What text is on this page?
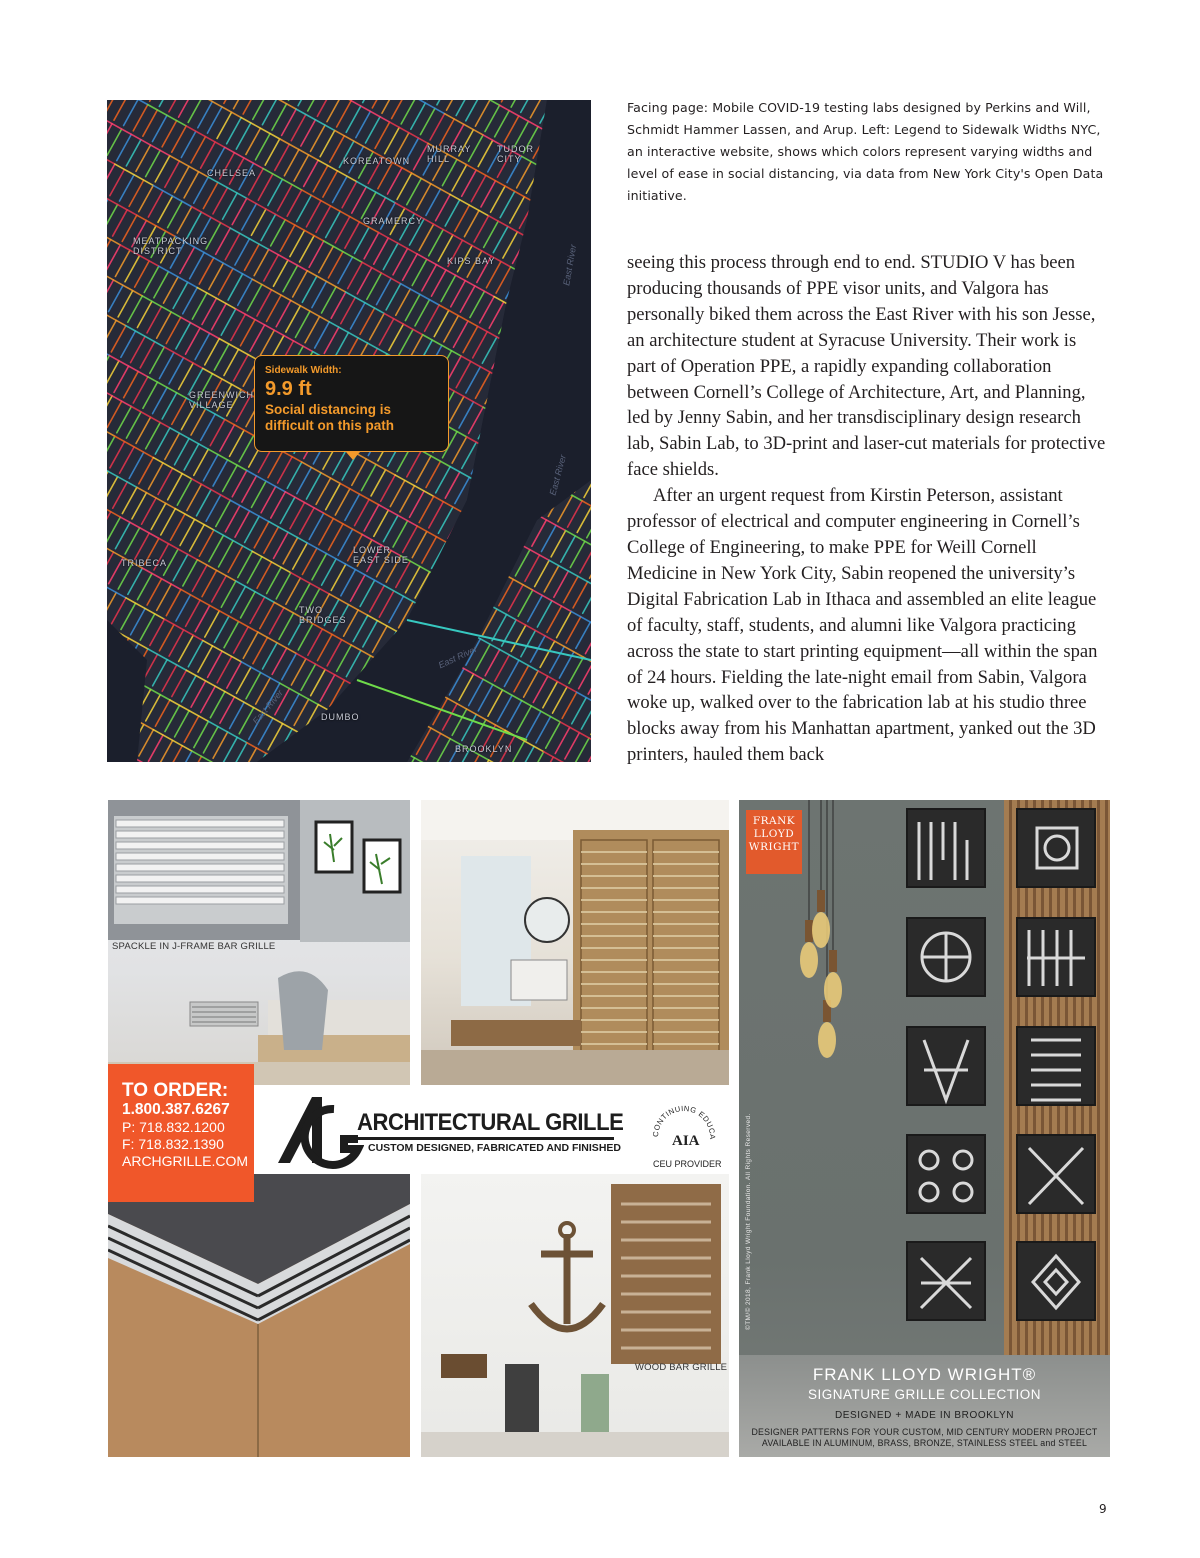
CHELSEA
KOREATOWN
MURRAY HILL
TUDOR CITY
MEATPACKING DISTRICT
GRAMERCY
KIPS BAY
GREENWICH VILLAGE
TRIBECA
LOWER EAST SIDE
TWO BRIDGES
DUMBO
BROOKLYN
East River
East River
East River
East River
Sidewalk Width:
9.9 ft
Social distancing is difficult on this path
Facing page: Mobile COVID-19 testing labs designed by Perkins and Will, Schmidt Hammer Lassen, and Arup. Left: Legend to Sidewalk Widths NYC, an interactive website, shows which colors represent varying widths and level of ease in social distancing, via data from New York City's Open Data initiative.

seeing this process through end to end. STUDIO V has been producing thousands of PPE visor units, and Valgora has personally biked them across the East River with his son Jesse, an architecture student at Syracuse University. Their work is part of Operation PPE, a rapidly expanding collaboration between Cornell’s College of Architecture, Art, and Planning, led by Jenny Sabin, and her transdisciplinary design research lab, Sabin Lab, to 3D-print and laser-cut materials for protective face shields.

After an urgent request from Kirstin Peterson, assistant professor of electrical and computer engineering in Cornell’s College of Engineering, to make PPE for Weill Cornell Medicine in New York City, Sabin reopened the university’s Digital Fabrication Lab in Ithaca and assembled an elite league of faculty, staff, students, and alumni like Valgora practicing across the state to start printing equipment—all within the span of 24 hours. Fielding the late-night email from Sabin, Valgora woke up, walked over to the fabrication lab at his studio three blocks away from his Manhattan apartment, yanked out the 3D printers, hauled them back

SPACKLE IN J-FRAME BAR GRILLE
WOOD BAR GRILLE
TO ORDER:
1.800.387.6267
P: 718.832.1200
F: 718.832.1390
ARCHGRILLE.COM
ARCHITECTURAL GRILLE
CUSTOM DESIGNED, FABRICATED AND FINISHED
CONTINUING EDUCA
AIA
CEU PROVIDER
FRANK
LLOYD
WRIGHT
©TM/© 2018, Frank Lloyd Wright Foundation. All Rights Reserved.
FRANK LLOYD WRIGHT®
SIGNATURE GRILLE COLLECTION
DESIGNED + MADE IN BROOKLYN
DESIGNER PATTERNS FOR YOUR CUSTOM, MID CENTURY MODERN PROJECT
AVAILABLE IN ALUMINUM, BRASS, BRONZE, STAINLESS STEEL and STEEL
9
